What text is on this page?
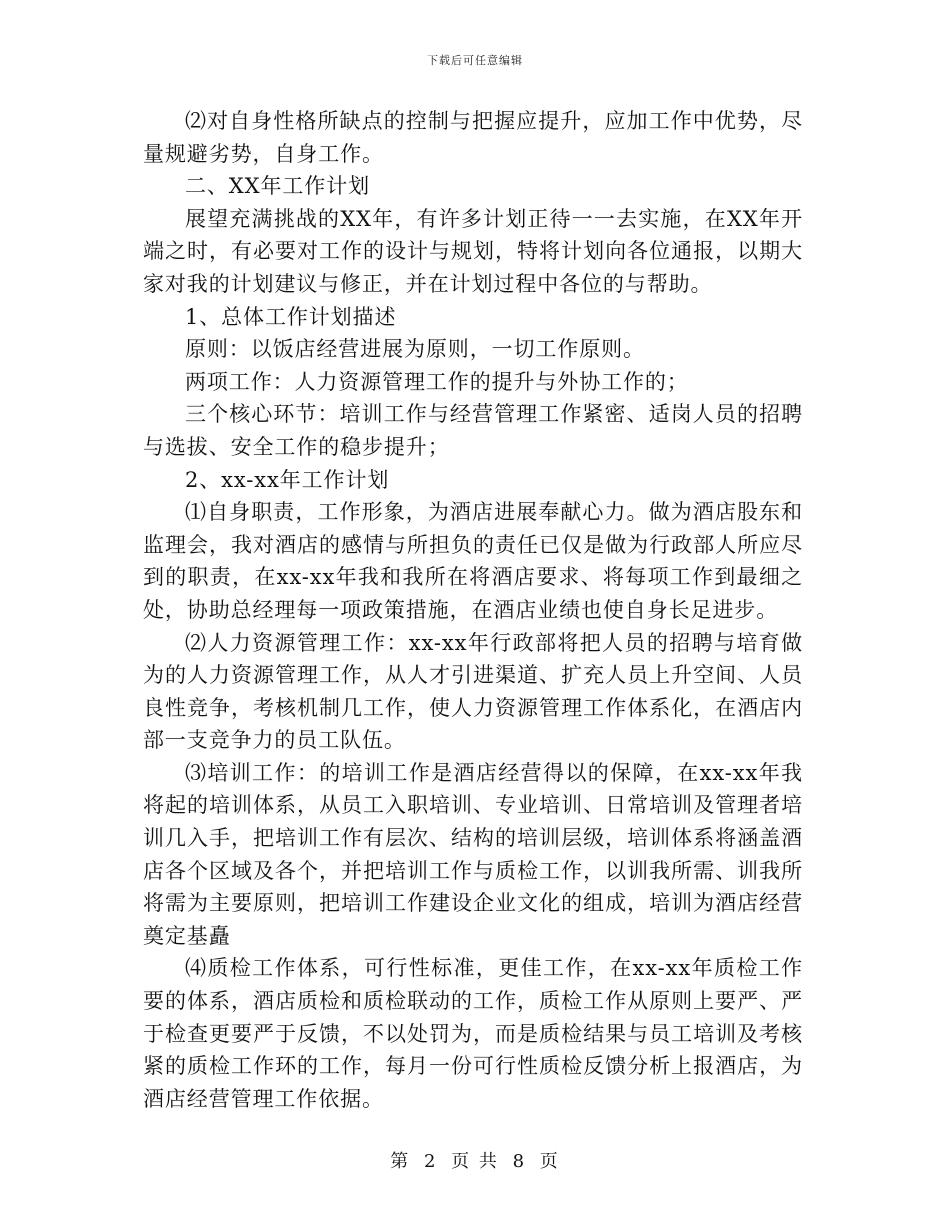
下载后可任意编辑

⑵对自身性格所缺点的控制与把握应提升，应加工作中优势，尽量规避劣势，自身工作。

二、XX年工作计划

展望充满挑战的XX年，有许多计划正待一一去实施，在XX年开端之时，有必要对工作的设计与规划，特将计划向各位通报，以期大家对我的计划建议与修正，并在计划过程中各位的与帮助。

1、总体工作计划描述

原则：以饭店经营进展为原则，一切工作原则。

两项工作：人力资源管理工作的提升与外协工作的；

三个核心环节：培训工作与经营管理工作紧密、适岗人员的招聘与选拔、安全工作的稳步提升；

2、xx-xx年工作计划

⑴自身职责，工作形象，为酒店进展奉献心力。做为酒店股东和监理会，我对酒店的感情与所担负的责任已仅是做为行政部人所应尽到的职责，在xx-xx年我和我所在将酒店要求、将每项工作到最细之处，协助总经理每一项政策措施，在酒店业绩也使自身长足进步。

⑵人力资源管理工作：xx-xx年行政部将把人员的招聘与培育做为的人力资源管理工作，从人才引进渠道、扩充人员上升空间、人员良性竞争，考核机制几工作，使人力资源管理工作体系化，在酒店内部一支竞争力的员工队伍。

⑶培训工作：的培训工作是酒店经营得以的保障，在xx-xx年我将起的培训体系，从员工入职培训、专业培训、日常培训及管理者培训几入手，把培训工作有层次、结构的培训层级，培训体系将涵盖酒店各个区域及各个，并把培训工作与质检工作，以训我所需、训我所将需为主要原则，把培训工作建设企业文化的组成，培训为酒店经营奠定基矗

⑷质检工作体系，可行性标准，更佳工作，在xx-xx年质检工作要的体系，酒店质检和质检联动的工作，质检工作从原则上要严、严于检查更要严于反馈，不以处罚为，而是质检结果与员工培训及考核紧的质检工作环的工作，每月一份可行性质检反馈分析上报酒店，为酒店经营管理工作依据。

第 2 页 共 8 页
